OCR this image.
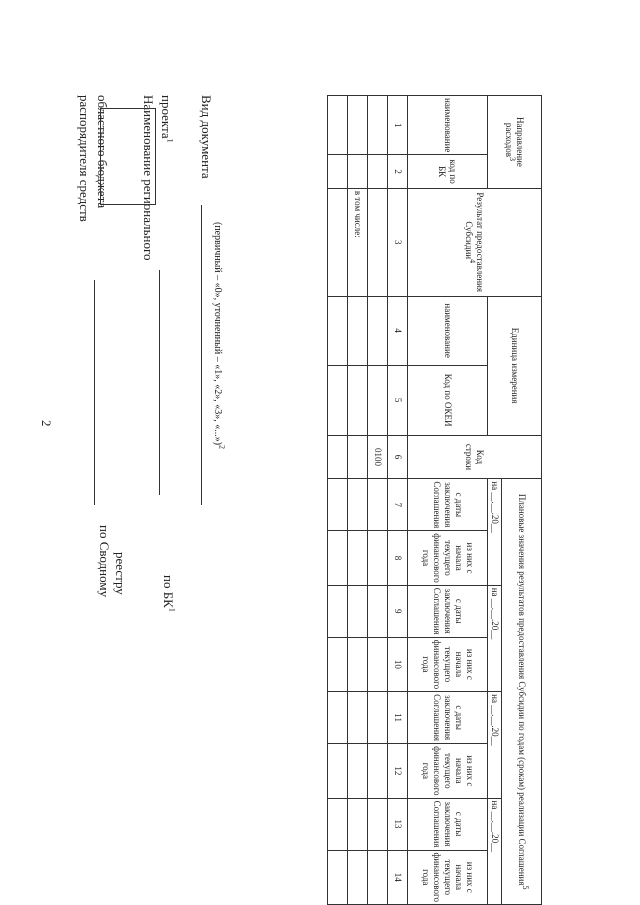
2
распорядителя средств областного бюджета Наименование регионального проекта$^1$ Вид документа
(первичный – «0», уточненный – «1», «2», «3», «...»)$^2$
по Сводному реестру	по $БК^1$
Направление расходов$^3$		Результат предоставления Субсидии$^4$	Единица измерения		Код строки	Плановые значения результатов предоставления Субсидии по годам (срокам) реализации Соглашения$^5$
						на __.__.20__		на __.__.20__		на __.__.20__		на __.__.20__	
наименование	код по БК		наименование	Код по ОКЕИ		с даты заключения Соглашения	из них с начала текущего финансового года	с даты заключения Соглашения	из них с начала текущего финансового года	с даты заключения Соглашения	из них с начала текущего финансового года	с даты заключения Соглашения	из них с начала текущего финансового года
1	2	3	4	5	6	7	8	9	10	11	12	13	14
					0100								
		в том числе:											
